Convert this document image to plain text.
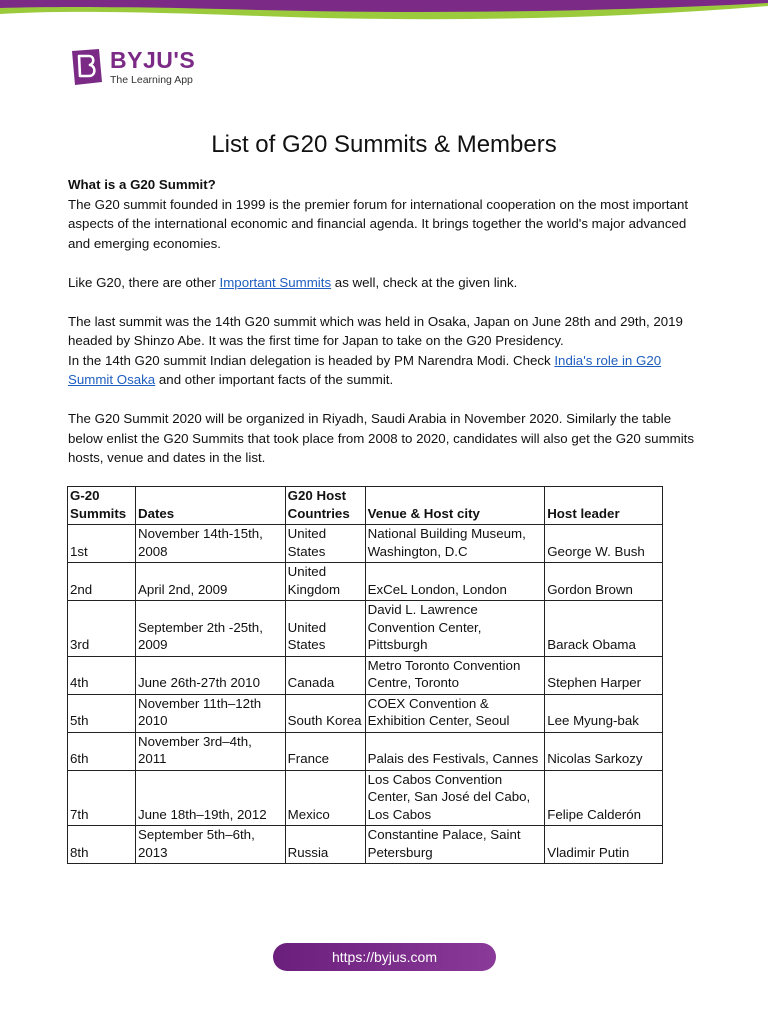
BYJU'S
The Learning App
List of G20 Summits & Members

What is a G20 Summit?

The G20 summit founded in 1999 is the premier forum for international cooperation on the most important aspects of the international economic and financial agenda. It brings together the world's major advanced and emerging economies.

Like G20, there are other Important Summits as well, check at the given link.

The last summit was the 14th G20 summit which was held in Osaka, Japan on June 28th and 29th, 2019 headed by Shinzo Abe. It was the first time for Japan to take on the G20 Presidency.

In the 14th G20 summit Indian delegation is headed by PM Narendra Modi. Check India's role in G20 Summit Osaka and other important facts of the summit.

The G20 Summit 2020 will be organized in Riyadh, Saudi Arabia in November 2020. Similarly the table below enlist the G20 Summits that took place from 2008 to 2020, candidates will also get the G20 summits hosts, venue and dates in the list.

G-20 Summits	Dates	G20 Host Countries	Venue & Host city	Host leader
1st	November 14th-15th, 2008	United States	National Building Museum, Washington, D.C	George W. Bush
2nd	April 2nd, 2009	United Kingdom	ExCeL London, London	Gordon Brown
3rd	September 2th -25th, 2009	United States	David L. Lawrence Convention Center, Pittsburgh	Barack Obama
4th	June 26th-27th 2010	Canada	Metro Toronto Convention Centre, Toronto	Stephen Harper
5th	November 11th–12th 2010	South Korea	COEX Convention & Exhibition Center, Seoul	Lee Myung-bak
6th	November 3rd–4th, 2011	France	Palais des Festivals, Cannes	Nicolas Sarkozy
7th	June 18th–19th, 2012	Mexico	Los Cabos Convention Center, San José del Cabo, Los Cabos	Felipe Calderón
8th	September 5th–6th, 2013	Russia	Constantine Palace, Saint Petersburg	Vladimir Putin
https://byjus.com
